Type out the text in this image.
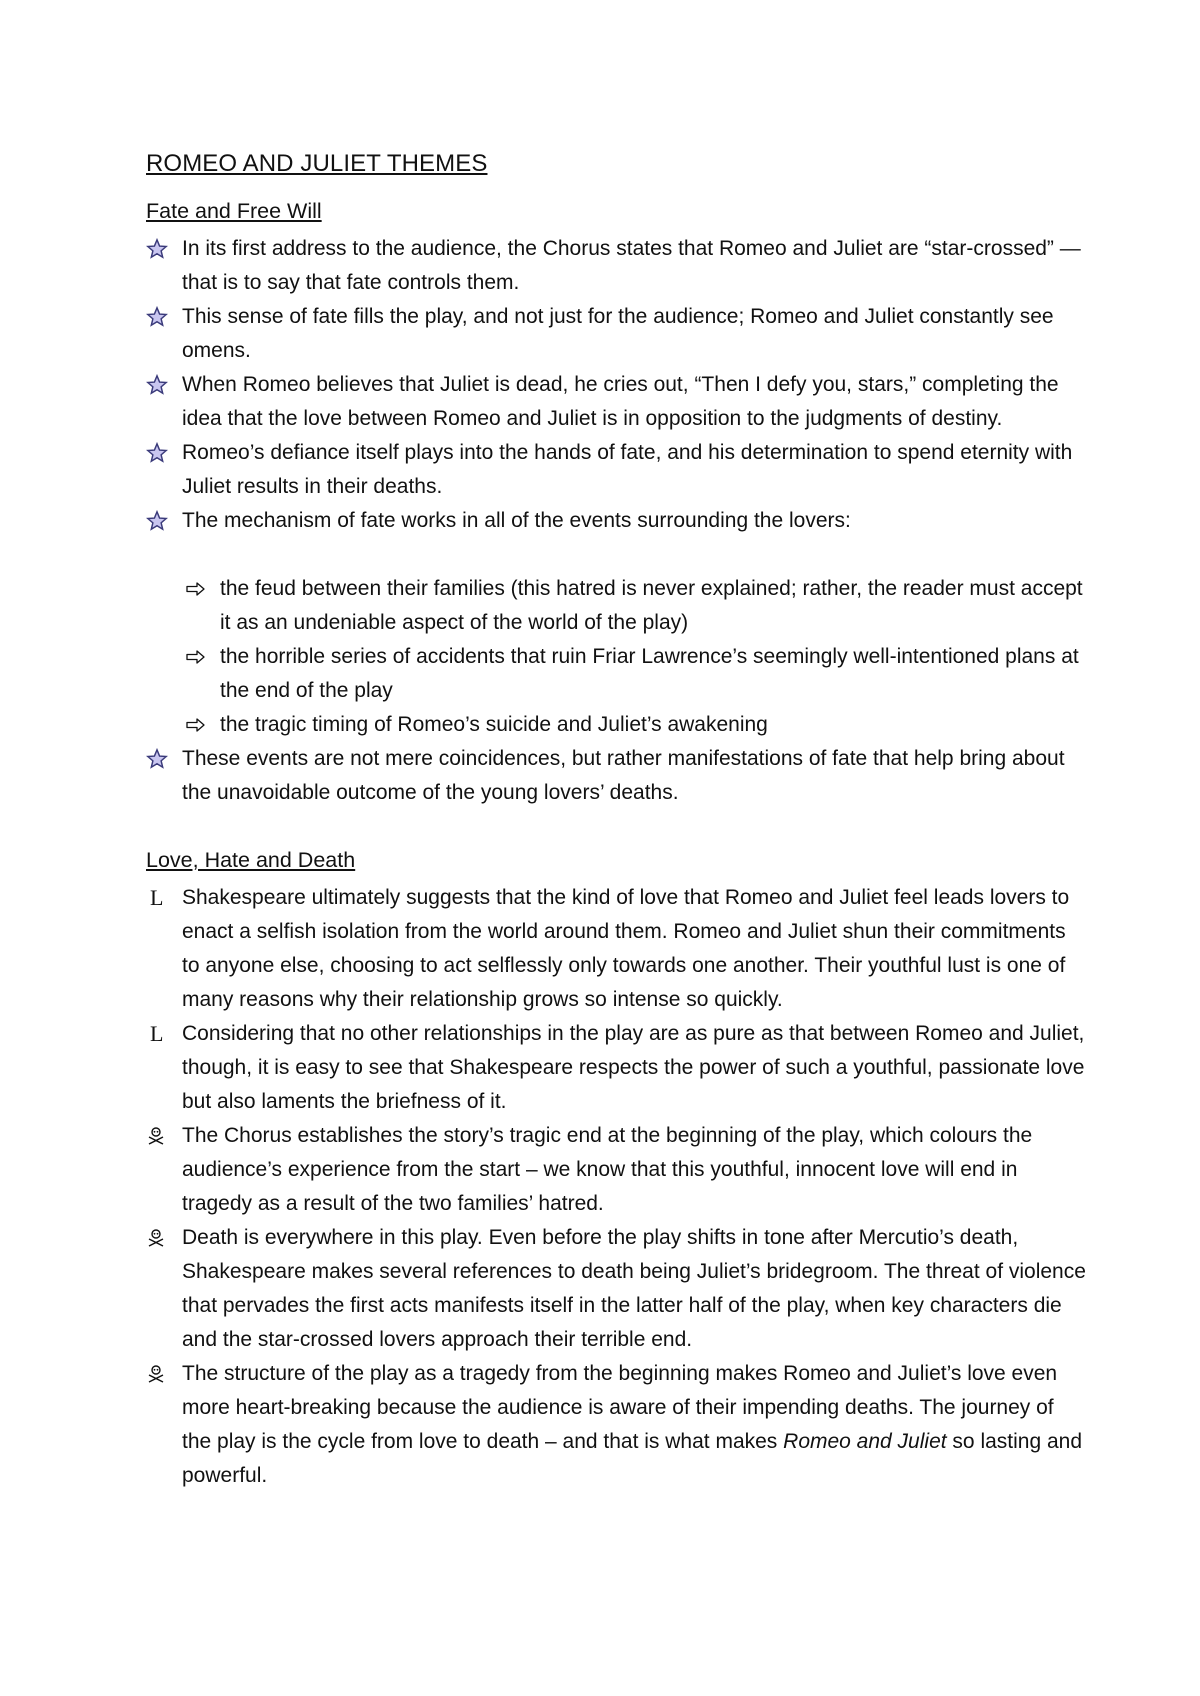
ROMEO AND JULIET THEMES
Fate and Free Will
In its first address to the audience, the Chorus states that Romeo and Juliet are “star-crossed” — that is to say that fate controls them.
This sense of fate fills the play, and not just for the audience; Romeo and Juliet constantly see omens.
When Romeo believes that Juliet is dead, he cries out, “Then I defy you, stars,” completing the idea that the love between Romeo and Juliet is in opposition to the judgments of destiny.
Romeo’s defiance itself plays into the hands of fate, and his determination to spend eternity with Juliet results in their deaths.
The mechanism of fate works in all of the events surrounding the lovers:
the feud between their families (this hatred is never explained; rather, the reader must accept it as an undeniable aspect of the world of the play)
the horrible series of accidents that ruin Friar Lawrence’s seemingly well-intentioned plans at the end of the play
the tragic timing of Romeo’s suicide and Juliet’s awakening
These events are not mere coincidences, but rather manifestations of fate that help bring about the unavoidable outcome of the young lovers’ deaths.
Love, Hate and Death
L Shakespeare ultimately suggests that the kind of love that Romeo and Juliet feel leads lovers to enact a selfish isolation from the world around them. Romeo and Juliet shun their commitments to anyone else, choosing to act selflessly only towards one another. Their youthful lust is one of many reasons why their relationship grows so intense so quickly.
L Considering that no other relationships in the play are as pure as that between Romeo and Juliet, though, it is easy to see that Shakespeare respects the power of such a youthful, passionate love but also laments the briefness of it.
The Chorus establishes the story’s tragic end at the beginning of the play, which colours the audience’s experience from the start – we know that this youthful, innocent love will end in tragedy as a result of the two families’ hatred.
Death is everywhere in this play. Even before the play shifts in tone after Mercutio’s death, Shakespeare makes several references to death being Juliet’s bridegroom. The threat of violence that pervades the first acts manifests itself in the latter half of the play, when key characters die and the star-crossed lovers approach their terrible end.
The structure of the play as a tragedy from the beginning makes Romeo and Juliet’s love even more heart-breaking because the audience is aware of their impending deaths. The journey of the play is the cycle from love to death – and that is what makes Romeo and Juliet so lasting and powerful.
